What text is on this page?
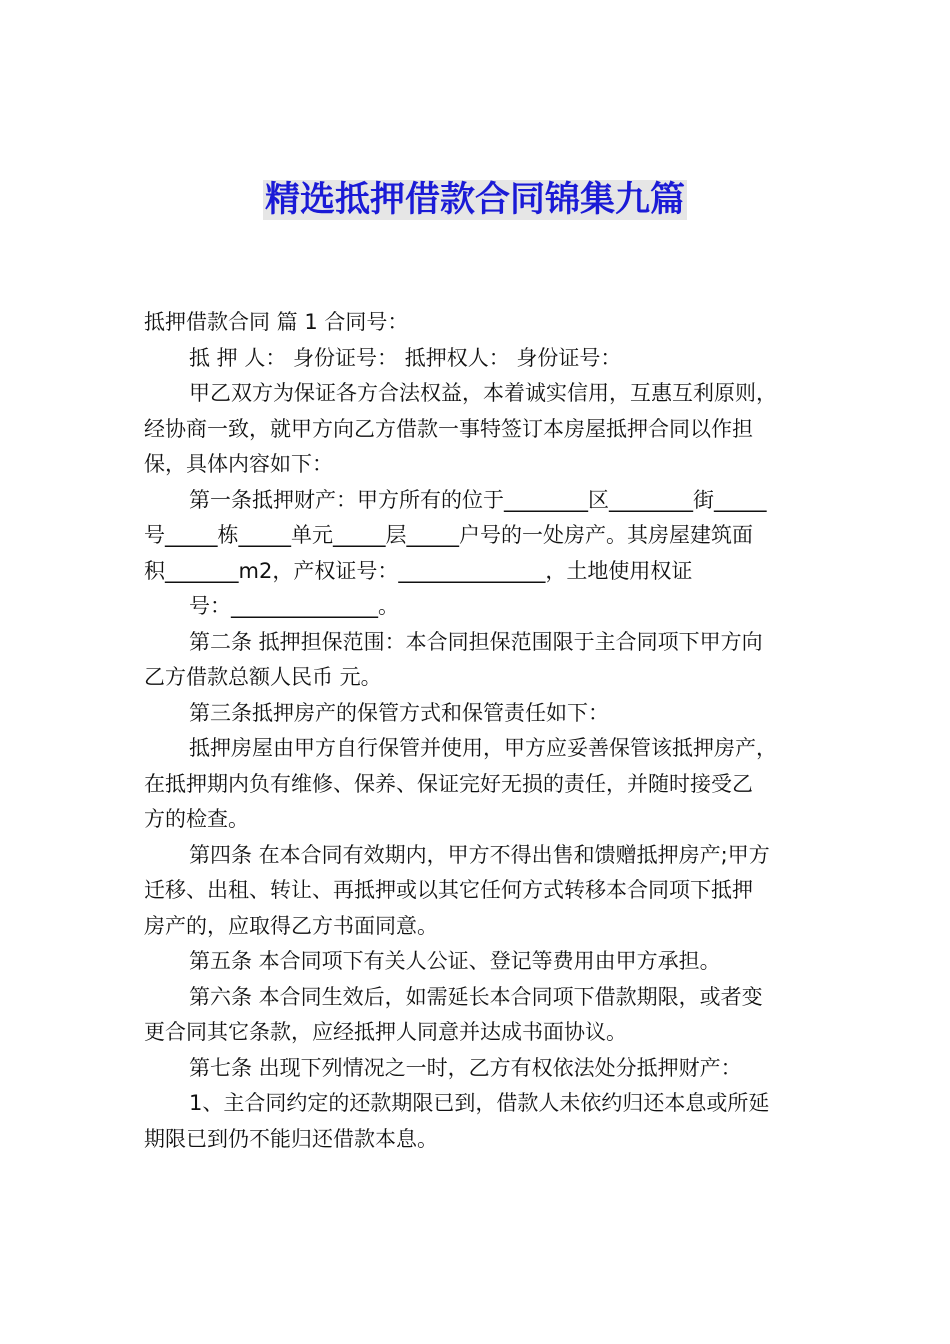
精选抵押借款合同锦集九篇
抵押借款合同 篇 1 合同号：
抵 押 人： 身份证号： 抵押权人： 身份证号：
甲乙双方为保证各方合法权益，本着诚实信用，互惠互利原则，
经协商一致，就甲方向乙方借款一事特签订本房屋抵押合同以作担
保，具体内容如下：
第一条抵押财产：甲方所有的位于________区________街_____
号_____栋_____单元_____层_____户号的一处房产。其房屋建筑面
积_______m2，产权证号：______________，土地使用权证
号：______________。
第二条 抵押担保范围：本合同担保范围限于主合同项下甲方向
乙方借款总额人民币 元。
第三条抵押房产的保管方式和保管责任如下：
抵押房屋由甲方自行保管并使用，甲方应妥善保管该抵押房产，
在抵押期内负有维修、保养、保证完好无损的责任，并随时接受乙
方的检查。
第四条 在本合同有效期内，甲方不得出售和馈赠抵押房产;甲方
迁移、出租、转让、再抵押或以其它任何方式转移本合同项下抵押
房产的，应取得乙方书面同意。
第五条 本合同项下有关人公证、登记等费用由甲方承担。
第六条 本合同生效后，如需延长本合同项下借款期限，或者变
更合同其它条款，应经抵押人同意并达成书面协议。
第七条 出现下列情况之一时，乙方有权依法处分抵押财产：
1、主合同约定的还款期限已到，借款人未依约归还本息或所延
期限已到仍不能归还借款本息。
